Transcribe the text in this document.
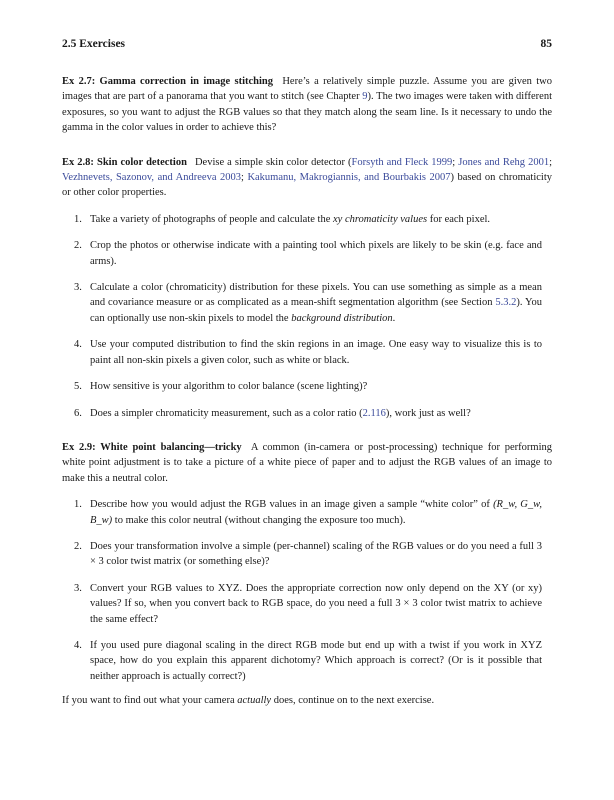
2.5 Exercises	85

Ex 2.7: Gamma correction in image stitching Here’s a relatively simple puzzle. Assume you are given two images that are part of a panorama that you want to stitch (see Chapter 9). The two images were taken with different exposures, so you want to adjust the RGB values so that they match along the seam line. Is it necessary to undo the gamma in the color values in order to achieve this?

Ex 2.8: Skin color detection Devise a simple skin color detector (Forsyth and Fleck 1999; Jones and Rehg 2001; Vezhnevets, Sazonov, and Andreeva 2003; Kakumanu, Makrogiannis, and Bourbakis 2007) based on chromaticity or other color properties.

1. Take a variety of photographs of people and calculate the xy chromaticity values for each pixel.
2. Crop the photos or otherwise indicate with a painting tool which pixels are likely to be skin (e.g. face and arms).
3. Calculate a color (chromaticity) distribution for these pixels. You can use something as simple as a mean and covariance measure or as complicated as a mean-shift segmentation algorithm (see Section 5.3.2). You can optionally use non-skin pixels to model the background distribution.
4. Use your computed distribution to find the skin regions in an image. One easy way to visualize this is to paint all non-skin pixels a given color, such as white or black.
5. How sensitive is your algorithm to color balance (scene lighting)?
6. Does a simpler chromaticity measurement, such as a color ratio (2.116), work just as well?

Ex 2.9: White point balancing—tricky A common (in-camera or post-processing) technique for performing white point adjustment is to take a picture of a white piece of paper and to adjust the RGB values of an image to make this a neutral color.

1. Describe how you would adjust the RGB values in an image given a sample “white color” of (R_w, G_w, B_w) to make this color neutral (without changing the exposure too much).
2. Does your transformation involve a simple (per-channel) scaling of the RGB values or do you need a full 3 × 3 color twist matrix (or something else)?
3. Convert your RGB values to XYZ. Does the appropriate correction now only depend on the XY (or xy) values? If so, when you convert back to RGB space, do you need a full 3 × 3 color twist matrix to achieve the same effect?
4. If you used pure diagonal scaling in the direct RGB mode but end up with a twist if you work in XYZ space, how do you explain this apparent dichotomy? Which approach is correct? (Or is it possible that neither approach is actually correct?)

If you want to find out what your camera actually does, continue on to the next exercise.
